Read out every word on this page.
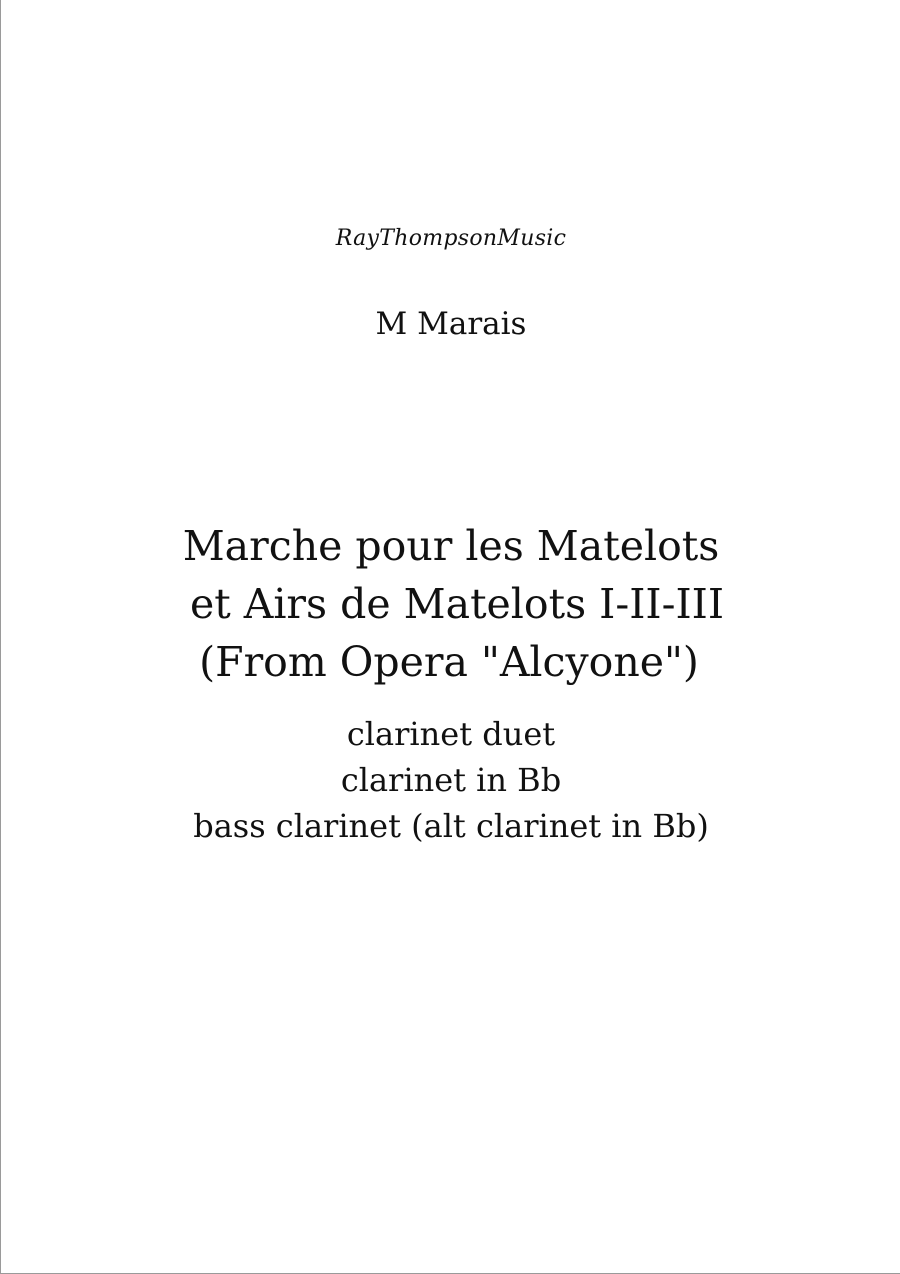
RayThompsonMusic
M Marais
Marche pour les Matelots
et Airs de Matelots I-II-III
(From Opera "Alcyone")
clarinet duet
clarinet in Bb
bass clarinet (alt clarinet in Bb)
